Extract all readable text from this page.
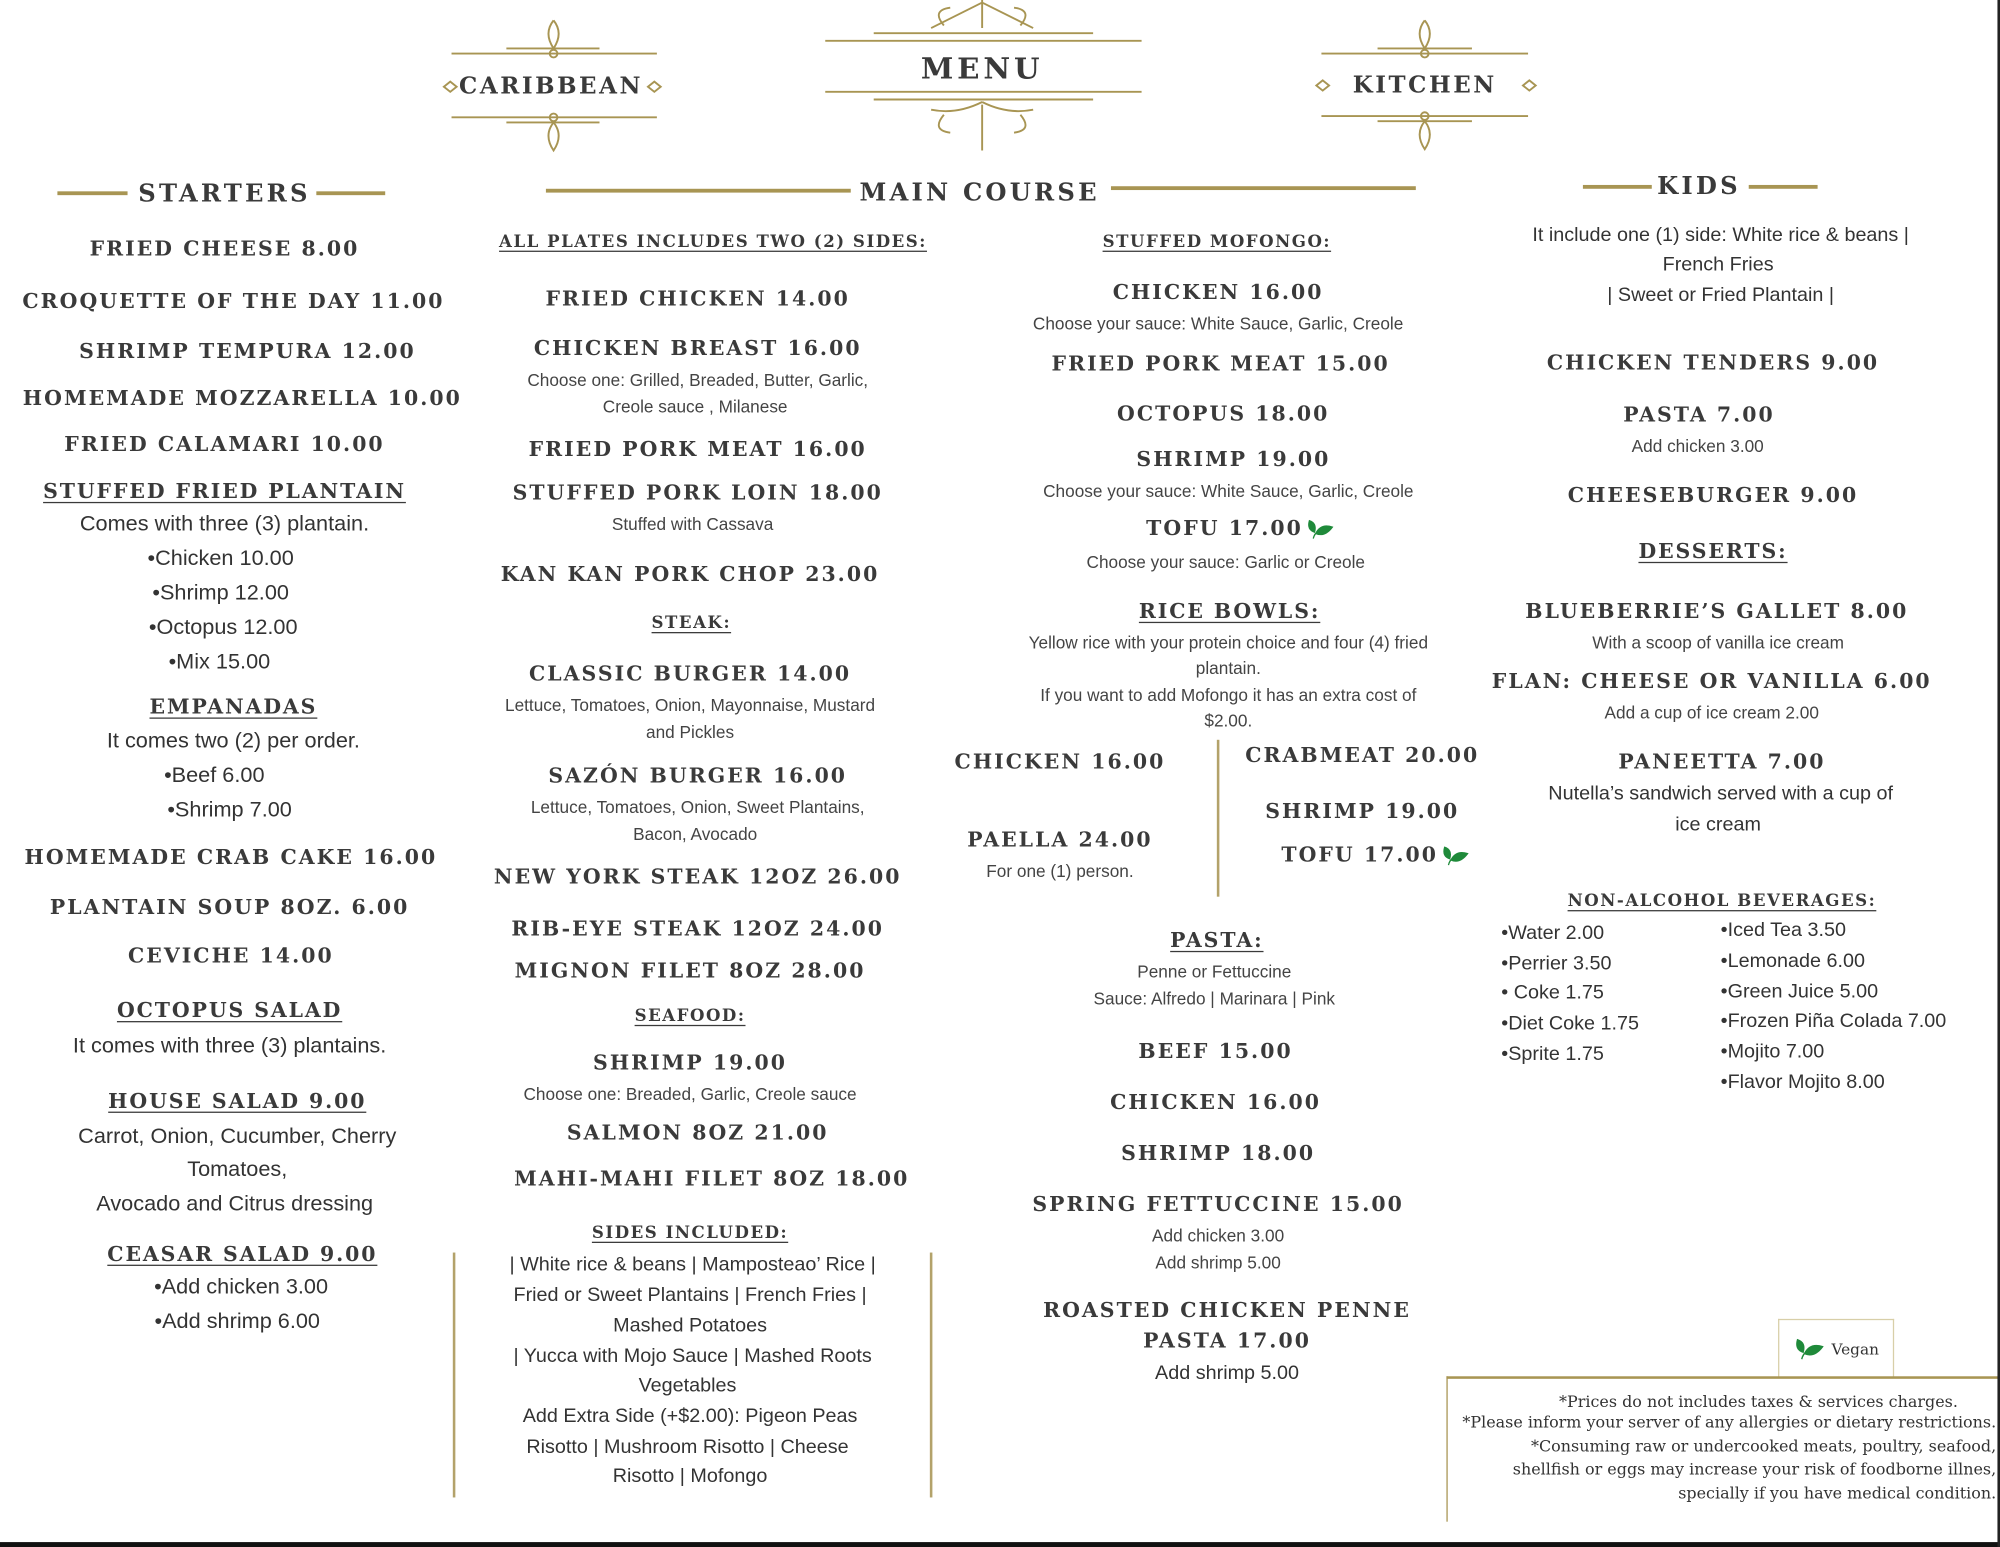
CARIBBEAN
MENU	KITCHEN
STARTERS	MAIN COURSE	KIDS
FRIED CHEESE 8.00
CROQUETTE OF THE DAY 11.00
SHRIMP TEMPURA 12.00
HOMEMADE MOZZARELLA 10.00
FRIED CALAMARI 10.00
STUFFED FRIED PLANTAIN
Comes with three (3) plantain.
•Chicken 10.00
•Shrimp 12.00
•Octopus 12.00
•Mix 15.00
EMPANADAS
It comes two (2) per order.
•Beef 6.00
•Shrimp 7.00
HOMEMADE CRAB CAKE 16.00
PLANTAIN SOUP 8OZ. 6.00
CEVICHE 14.00
OCTOPUS SALAD
It comes with three (3) plantains.
HOUSE SALAD 9.00
Carrot, Onion, Cucumber, Cherry
Tomatoes,
Avocado and Citrus dressing
CEASAR SALAD 9.00
•Add chicken 3.00
•Add shrimp 6.00
ALL PLATES INCLUDES TWO (2) SIDES:
FRIED CHICKEN 14.00
CHICKEN BREAST 16.00
Choose one: Grilled, Breaded, Butter, Garlic,
Creole sauce , Milanese
FRIED PORK MEAT 16.00
STUFFED PORK LOIN 18.00
Stuffed with Cassava
KAN KAN PORK CHOP 23.00
STEAK:
CLASSIC BURGER 14.00
Lettuce, Tomatoes, Onion, Mayonnaise, Mustard
and Pickles
SAZÓN BURGER 16.00
Lettuce, Tomatoes, Onion, Sweet Plantains,
Bacon, Avocado
NEW YORK STEAK 12OZ 26.00
RIB-EYE STEAK 12OZ 24.00
MIGNON FILET 8OZ 28.00
SEAFOOD:
SHRIMP 19.00
Choose one: Breaded, Garlic, Creole sauce
SALMON 8OZ 21.00
MAHI-MAHI FILET 8OZ 18.00
SIDES INCLUDED:
| White rice & beans | Mamposteao’ Rice |
Fried or Sweet Plantains | French Fries |
Mashed Potatoes
| Yucca with Mojo Sauce | Mashed Roots
Vegetables
Add Extra Side (+$2.00): Pigeon Peas
Risotto | Mushroom Risotto | Cheese
Risotto | Mofongo
STUFFED MOFONGO:
CHICKEN 16.00
Choose your sauce: White Sauce, Garlic, Creole
FRIED PORK MEAT 15.00
OCTOPUS 18.00
SHRIMP 19.00
Choose your sauce: White Sauce, Garlic, Creole
TOFU 17.00
Choose your sauce: Garlic or Creole
RICE BOWLS:
Yellow rice with your protein choice and four (4) fried
plantain.
If you want to add Mofongo it has an extra cost of
$2.00.
CHICKEN 16.00
PAELLA 24.00
For one (1) person.
CRABMEAT 20.00
SHRIMP 19.00
TOFU 17.00
PASTA:
Penne or Fettuccine
Sauce: Alfredo | Marinara | Pink
BEEF 15.00
CHICKEN 16.00
SHRIMP 18.00
SPRING FETTUCCINE 15.00
Add chicken 3.00
Add shrimp 5.00
ROASTED CHICKEN PENNE
PASTA 17.00
Add shrimp 5.00
It include one (1) side: White rice & beans |
French Fries
| Sweet or Fried Plantain |
CHICKEN TENDERS 9.00
PASTA 7.00
Add chicken 3.00
CHEESEBURGER 9.00
DESSERTS:
BLUEBERRIE’S GALLET 8.00
With a scoop of vanilla ice cream
FLAN: CHEESE OR VANILLA 6.00
Add a cup of ice cream 2.00
PANEETTA 7.00
Nutella’s sandwich served with a cup of
ice cream
NON-ALCOHOL BEVERAGES:
•Water 2.00
•Perrier 3.50
• Coke 1.75
•Diet Coke 1.75
•Sprite 1.75
•Iced Tea 3.50
•Lemonade 6.00
•Green Juice 5.00
•Frozen Piña Colada 7.00
•Mojito 7.00
•Flavor Mojito 8.00
Vegan
*Prices do not includes taxes & services charges.
*Please inform your server of any allergies or dietary restrictions.
*Consuming raw or undercooked meats, poultry, seafood,
shellfish or eggs may increase your risk of foodborne illnes,
specially if you have medical condition.
